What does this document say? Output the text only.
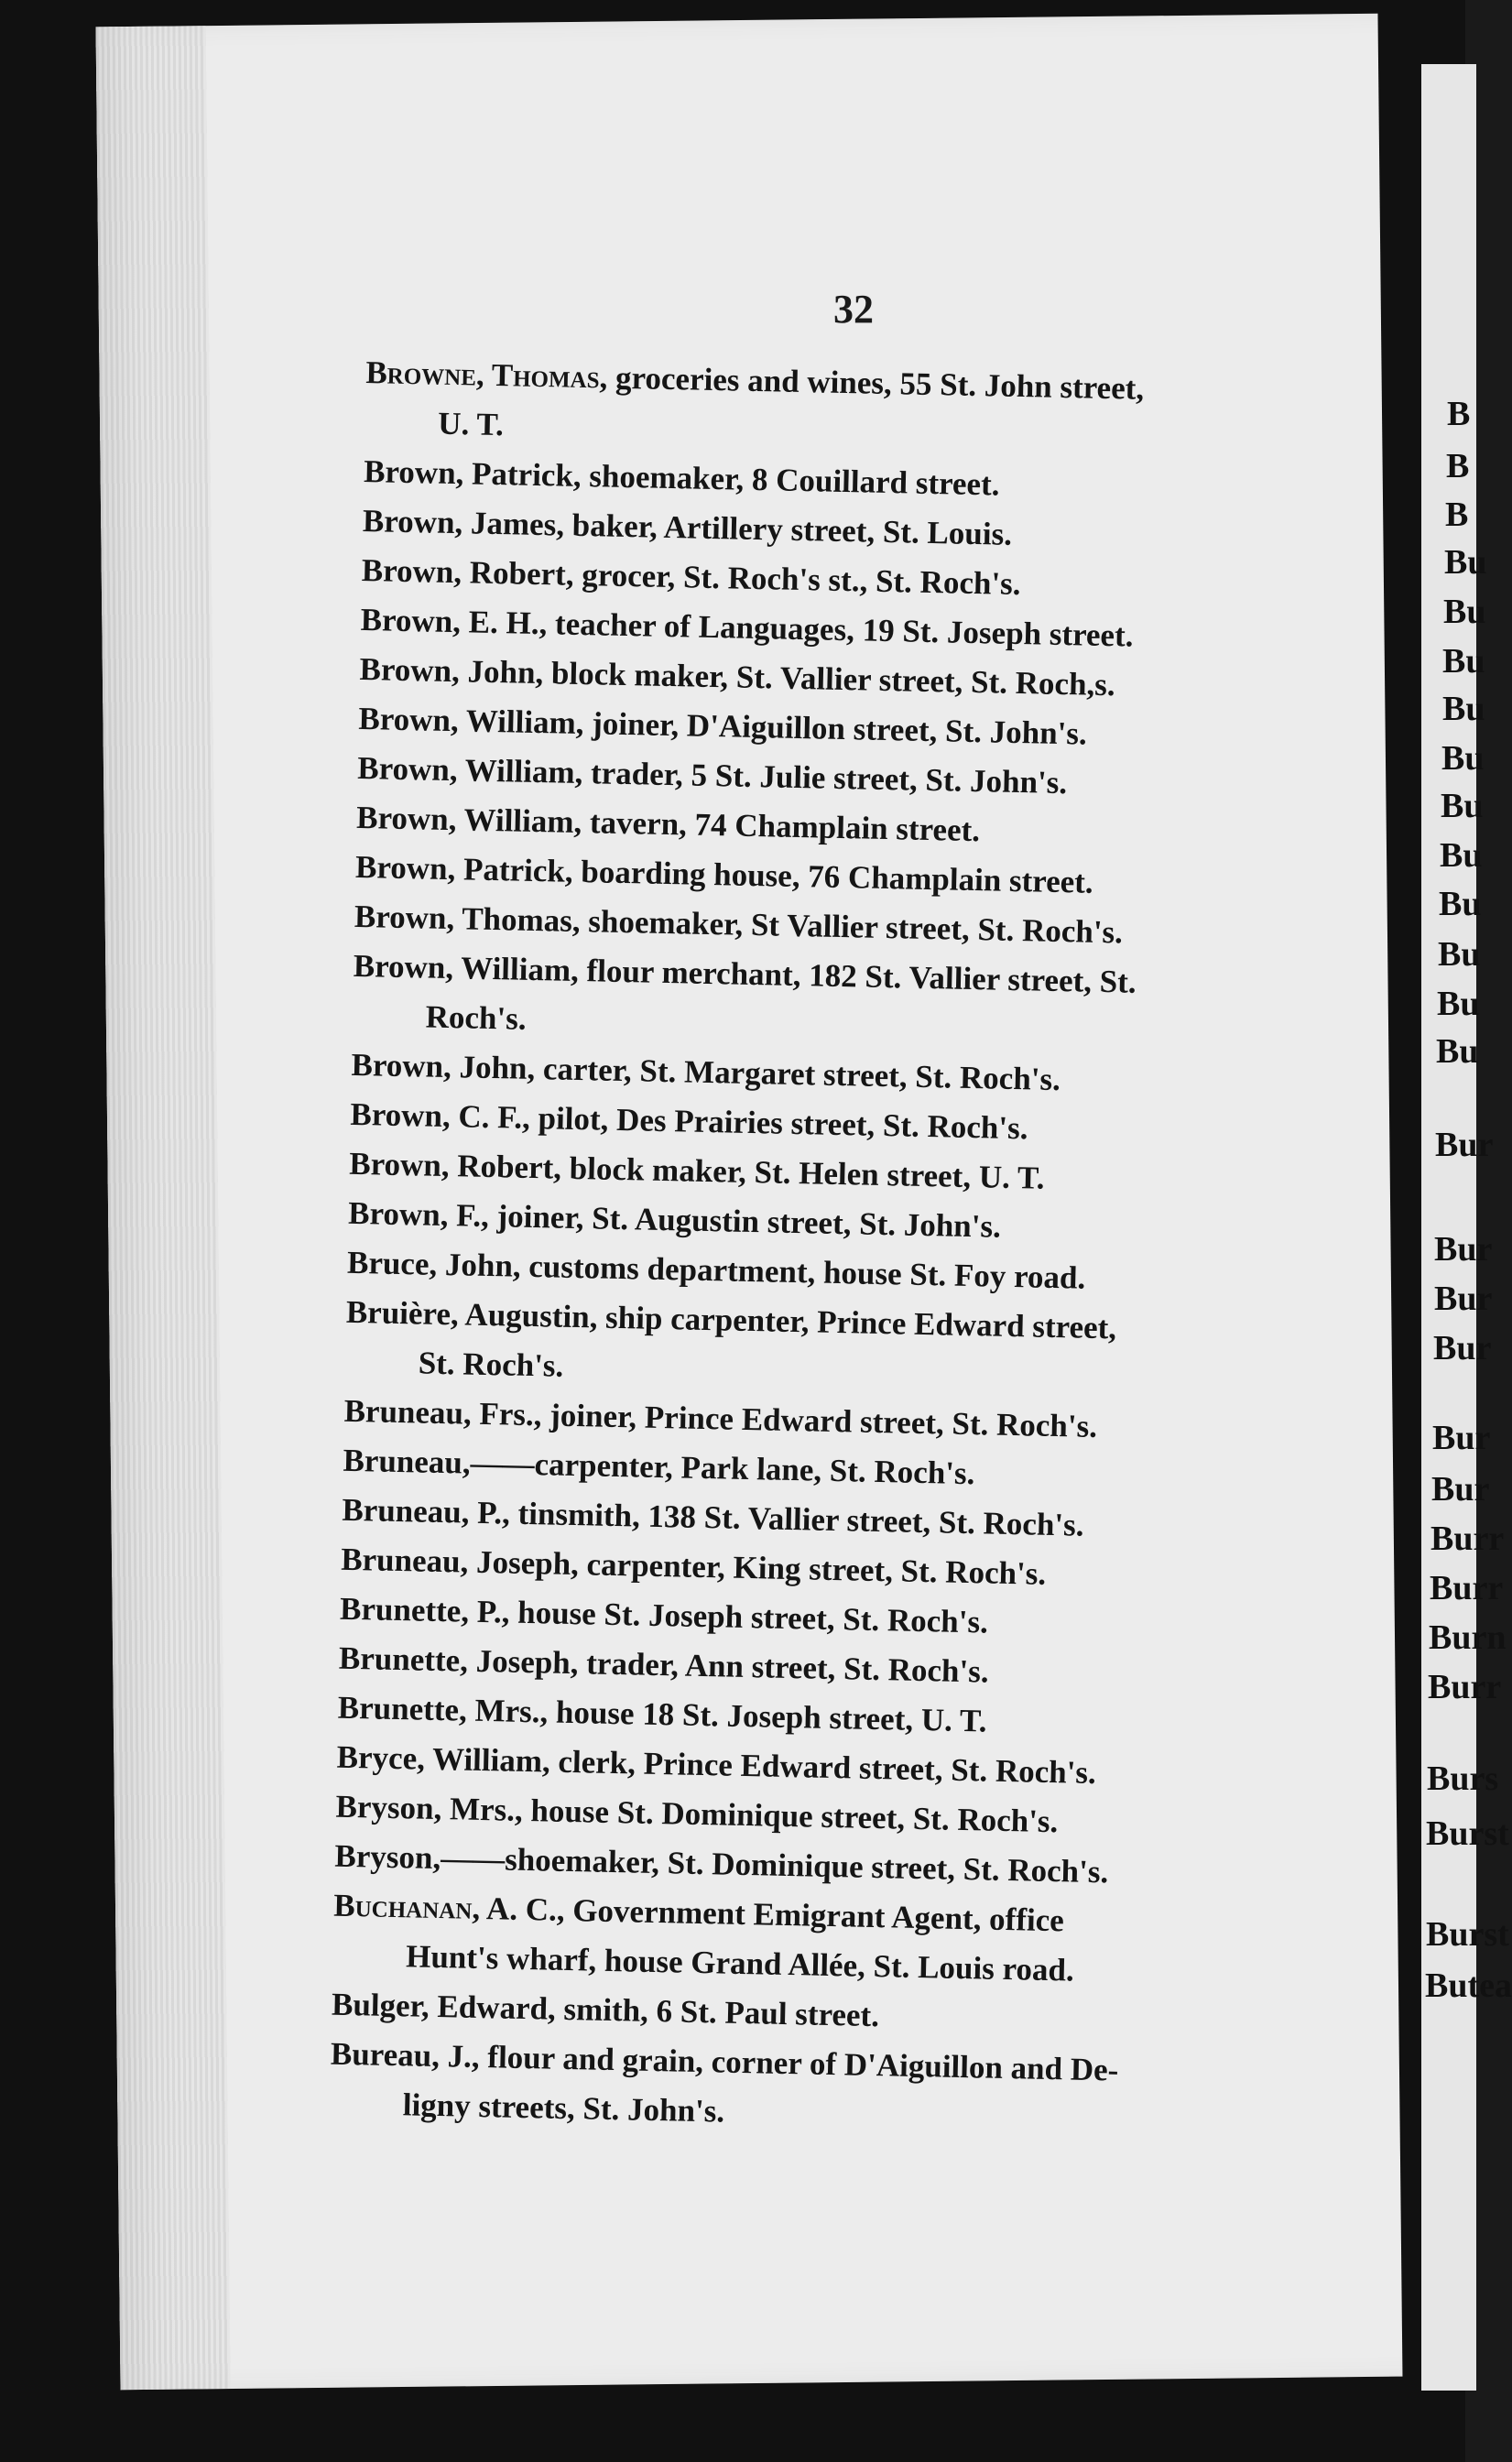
32

Browne, Thomas, groceries and wines, 55 St. John street,

U. T.

Brown, Patrick, shoemaker, 8 Couillard street.

Brown, James, baker, Artillery street, St. Louis.

Brown, Robert, grocer, St. Roch's st., St. Roch's.

Brown, E. H., teacher of Languages, 19 St. Joseph street.

Brown, John, block maker, St. Vallier street, St. Roch,s.

Brown, William, joiner, D'Aiguillon street, St. John's.

Brown, William, trader, 5 St. Julie street, St. John's.

Brown, William, tavern, 74 Champlain street.

Brown, Patrick, boarding house, 76 Champlain street.

Brown, Thomas, shoemaker, St Vallier street, St. Roch's.

Brown, William, flour merchant, 182 St. Vallier street, St.

Roch's.

Brown, John, carter, St. Margaret street, St. Roch's.

Brown, C. F., pilot, Des Prairies street, St. Roch's.

Brown, Robert, block maker, St. Helen street, U. T.

Brown, F., joiner, St. Augustin street, St. John's.

Bruce, John, customs department, house St. Foy road.

Bruière, Augustin, ship carpenter, Prince Edward street,

St. Roch's.

Bruneau, Frs., joiner, Prince Edward street, St. Roch's.

Bruneau,——carpenter, Park lane, St. Roch's.

Bruneau, P., tinsmith, 138 St. Vallier street, St. Roch's.

Bruneau, Joseph, carpenter, King street, St. Roch's.

Brunette, P., house St. Joseph street, St. Roch's.

Brunette, Joseph, trader, Ann street, St. Roch's.

Brunette, Mrs., house 18 St. Joseph street, U. T.

Bryce, William, clerk, Prince Edward street, St. Roch's.

Bryson, Mrs., house St. Dominique street, St. Roch's.

Bryson,——shoemaker, St. Dominique street, St. Roch's.

Buchanan, A. C., Government Emigrant Agent, office

Hunt's wharf, house Grand Allée, St. Louis road.

Bulger, Edward, smith, 6 St. Paul street.

Bureau, J., flour and grain, corner of D'Aiguillon and De-

ligny streets, St. John's.

B
B
B
Bu
Bu
Bu
Bu
Bu
Bu
Bu
Bu
Bu
Bu
Bu
Bur
Bur
Bur
Bur
Bur
Bur
Burr
Burr
Burn
Burr
Burs
Burst
Burst
Butea
